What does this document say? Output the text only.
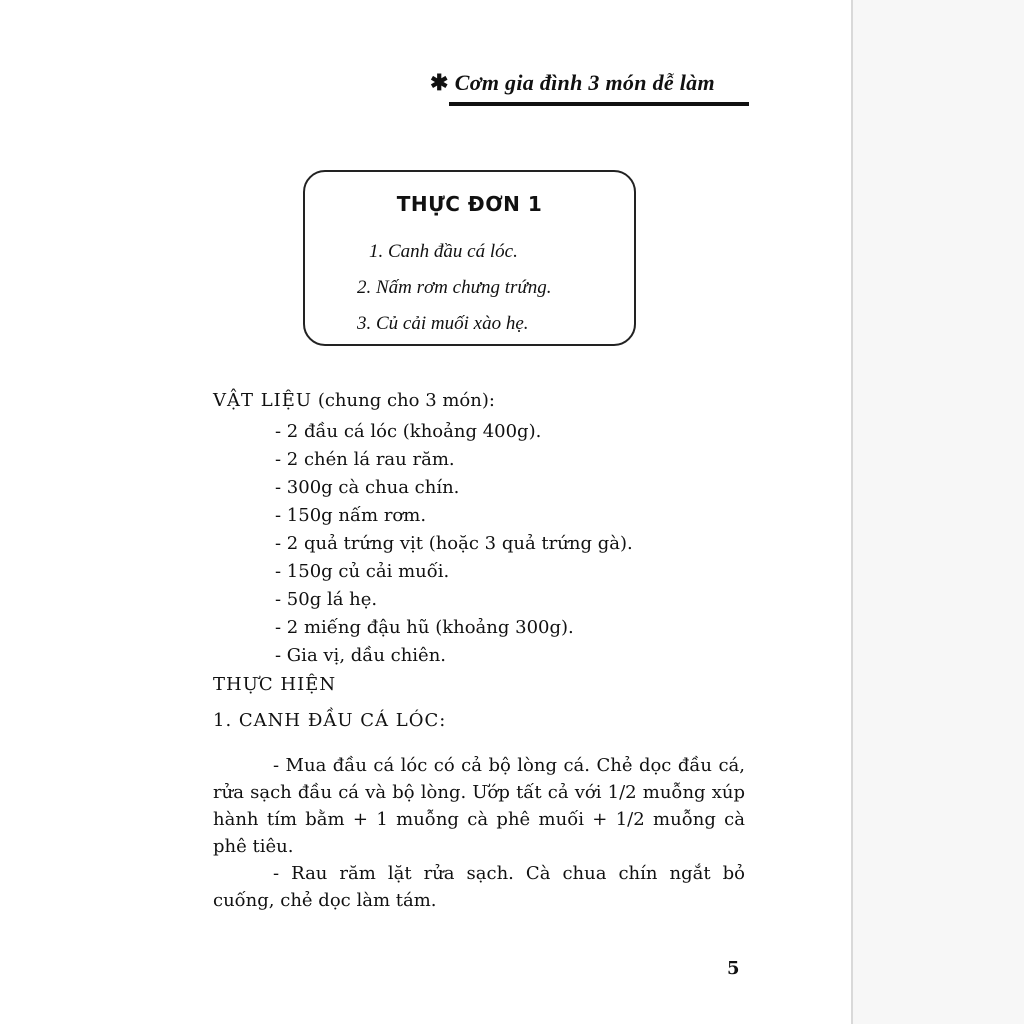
✱ Cơm gia đình 3 món dễ làm
THỰC ĐƠN 1
1. Canh đầu cá lóc.
2. Nấm rơm chưng trứng.
3. Củ cải muối xào hẹ.
VẬT LIỆU (chung cho 3 món):
- 2 đầu cá lóc (khoảng 400g).
- 2 chén lá rau răm.
- 300g cà chua chín.
- 150g nấm rơm.
- 2 quả trứng vịt (hoặc 3 quả trứng gà).
- 150g củ cải muối.
- 50g lá hẹ.
- 2 miếng đậu hũ (khoảng 300g).
- Gia vị, dầu chiên.
THỰC HIỆN
1. CANH ĐẦU CÁ LÓC:

- Mua đầu cá lóc có cả bộ lòng cá. Chẻ dọc đầu cá, rửa sạch đầu cá và bộ lòng. Ướp tất cả với 1/2 muỗng xúp hành tím bằm + 1 muỗng cà phê muối + 1/2 muỗng cà phê tiêu.

- Rau răm lặt rửa sạch. Cà chua chín ngắt bỏ cuống, chẻ dọc làm tám.

5
